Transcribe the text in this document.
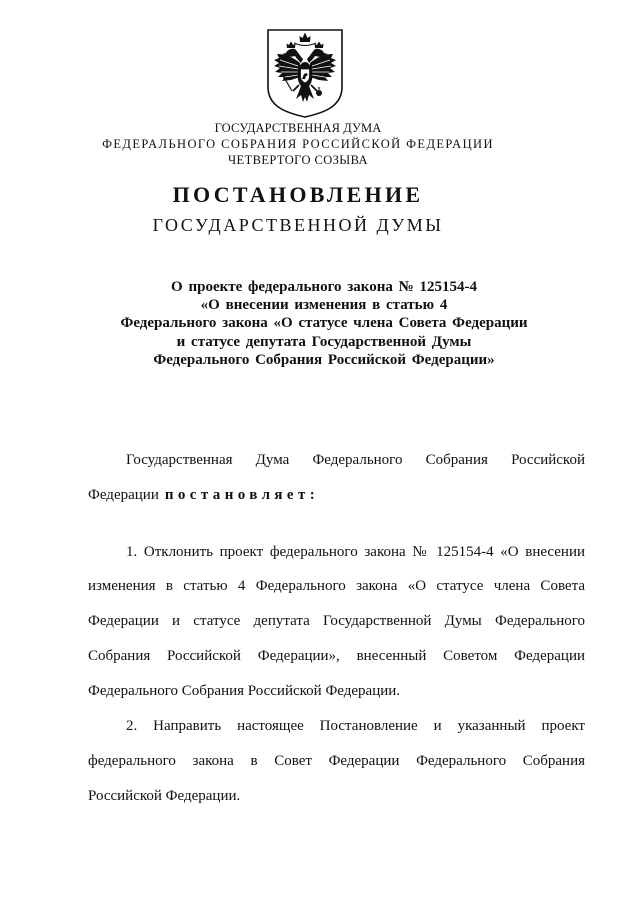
ГОСУДАРСТВЕННАЯ ДУМА
ФЕДЕРАЛЬНОГО СОБРАНИЯ РОССИЙСКОЙ ФЕДЕРАЦИИ
ЧЕТВЕРТОГО СОЗЫВА
ПОСТАНОВЛЕНИЕ
ГОСУДАРСТВЕННОЙ ДУМЫ
О проекте федерального закона № 125154-4
«О внесении изменения в статью 4
Федерального закона «О статусе члена Совета Федерации
и статусе депутата Государственной Думы
Федерального Собрания Российской Федерации»
Государственная Дума Федерального Собрания Российской
Федерации постановляет:
1. Отклонить проект федерального закона № 125154-4 «О внесении
изменения в статью 4 Федерального закона «О статусе члена Совета
Федерации и статусе депутата Государственной Думы Федерального
Собрания Российской Федерации», внесенный Советом Федерации
Федерального Собрания Российской Федерации.
2. Направить настоящее Постановление и указанный проект
федерального закона в Совет Федерации Федерального Собрания
Российской Федерации.
